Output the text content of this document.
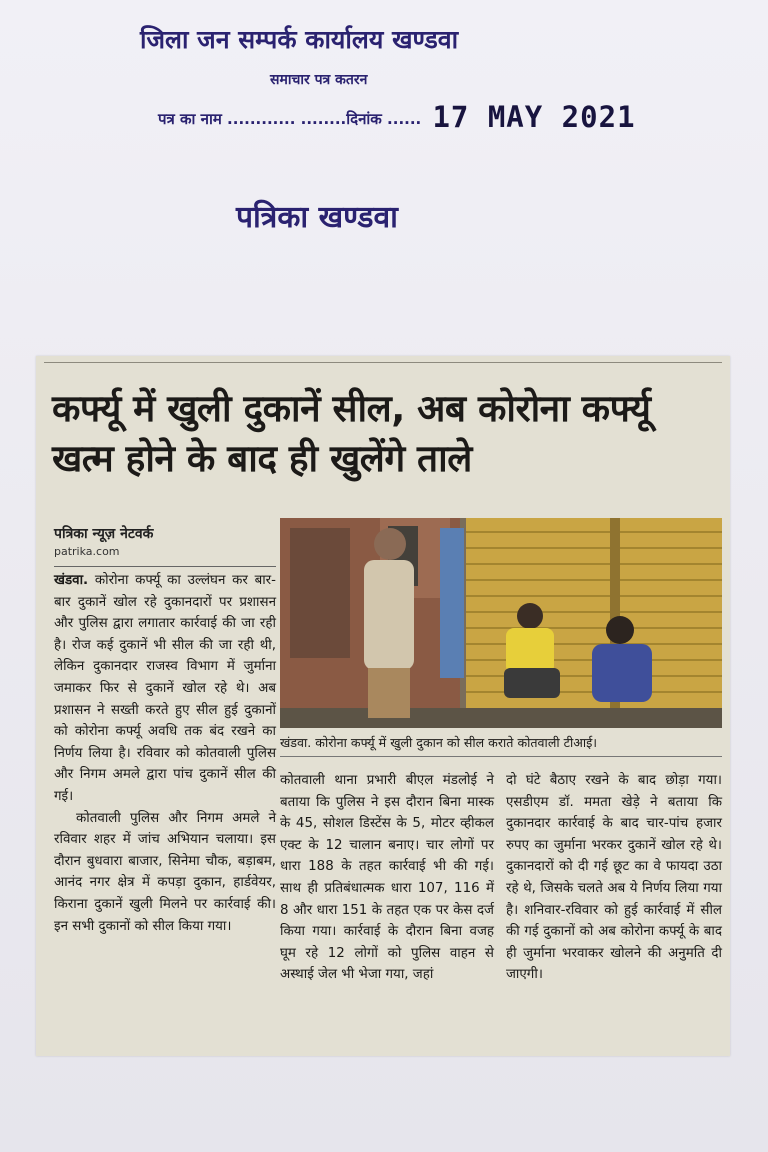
जिला जन सम्पर्क कार्यालय खण्डवा
समाचार पत्र कतरन
पत्र का नाम ............ ........दिनांक ...... 17 MAY 2021
पत्रिका खण्डवा
कर्फ्यू में खुली दुकानें सील, अब कोरोना कर्फ्यू खत्म होने के बाद ही खुलेंगे ताले
पत्रिका न्यूज़ नेटवर्क
patrika.com

खंडवा. कोरोना कर्फ्यू का उल्लंघन कर बार-बार दुकानें खोल रहे दुकानदारों पर प्रशासन और पुलिस द्वारा लगातार कार्रवाई की जा रही है। रोज कई दुकानें भी सील की जा रही थी, लेकिन दुकानदार राजस्व विभाग में जुर्माना जमाकर फिर से दुकानें खोल रहे थे। अब प्रशासन ने सख्ती करते हुए सील हुई दुकानों को कोरोना कर्फ्यू अवधि तक बंद रखने का निर्णय लिया है। रविवार को कोतवाली पुलिस और निगम अमले द्वारा पांच दुकानें सील की गई।

कोतवाली पुलिस और निगम अमले ने रविवार शहर में जांच अभियान चलाया। इस दौरान बुधवारा बाजार, सिनेमा चौक, बड़ाबम, आनंद नगर क्षेत्र में कपड़ा दुकान, हार्डवेयर, किराना दुकानें खुली मिलने पर कार्रवाई की। इन सभी दुकानों को सील किया गया।

खंडवा. कोरोना कर्फ्यू में खुली दुकान को सील कराते कोतवाली टीआई।

कोतवाली थाना प्रभारी बीएल मंडलोई ने बताया कि पुलिस ने इस दौरान बिना मास्क के 45, सोशल डिस्टेंस के 5, मोटर व्हीकल एक्ट के 12 चालान बनाए। चार लोगों पर धारा 188 के तहत कार्रवाई भी की गई। साथ ही प्रतिबंधात्मक धारा 107, 116 में 8 और धारा 151 के तहत एक पर केस दर्ज किया गया। कार्रवाई के दौरान बिना वजह घूम रहे 12 लोगों को पुलिस वाहन से अस्थाई जेल भी भेजा गया, जहां

दो घंटे बैठाए रखने के बाद छोड़ा गया। एसडीएम डॉ. ममता खेड़े ने बताया कि दुकानदार कार्रवाई के बाद चार-पांच हजार रुपए का जुर्माना भरकर दुकानें खोल रहे थे। दुकानदारों को दी गई छूट का वे फायदा उठा रहे थे, जिसके चलते अब ये निर्णय लिया गया है। शनिवार-रविवार को हुई कार्रवाई में सील की गई दुकानों को अब कोरोना कर्फ्यू के बाद ही जुर्माना भरवाकर खोलने की अनुमति दी जाएगी।
